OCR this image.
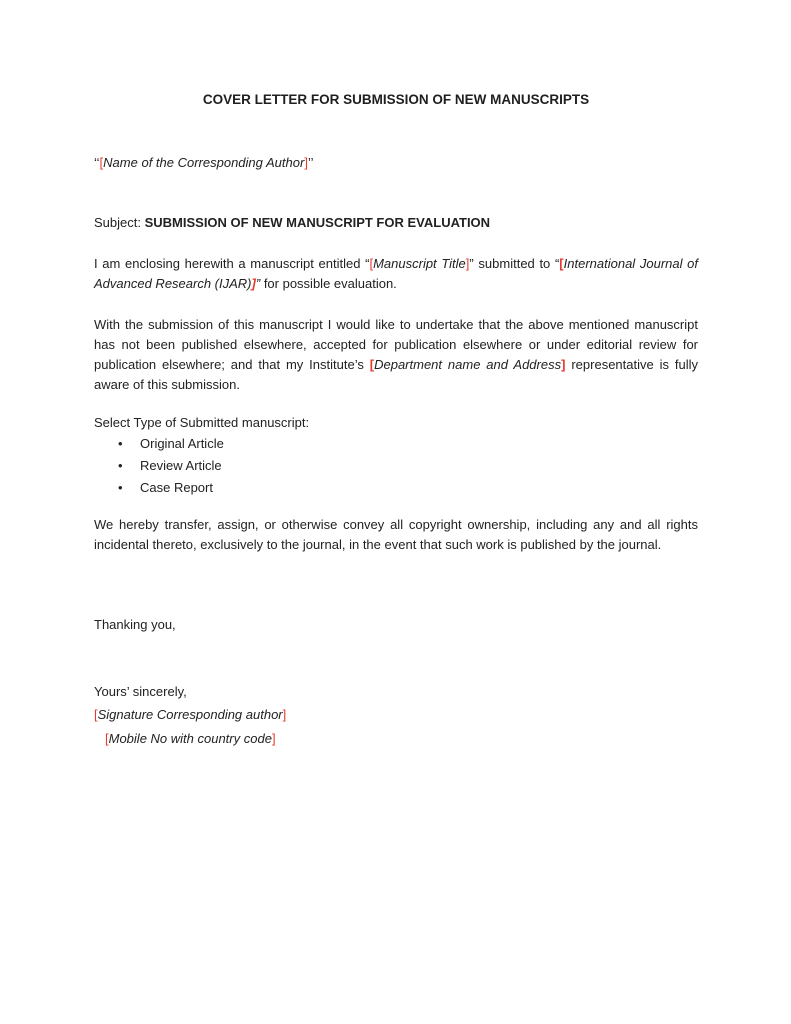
COVER LETTER FOR SUBMISSION OF NEW MANUSCRIPTS

‘‘[Name of the Corresponding Author]’’

Subject: SUBMISSION OF NEW MANUSCRIPT FOR EVALUATION

I am enclosing herewith a manuscript entitled “[Manuscript Title]” submitted to “[International Journal of Advanced Research (IJAR)]” for possible evaluation.

With the submission of this manuscript I would like to undertake that the above mentioned manuscript has not been published elsewhere, accepted for publication elsewhere or under editorial review for publication elsewhere; and that my Institute’s [Department name and Address] representative is fully aware of this submission.

Select Type of Submitted manuscript:

• Original Article
• Review Article
• Case Report

We hereby transfer, assign, or otherwise convey all copyright ownership, including any and all rights incidental thereto, exclusively to the journal, in the event that such work is published by the journal.

Thanking you,

Yours’ sincerely,

[Signature Corresponding author]

[Mobile No with country code]
